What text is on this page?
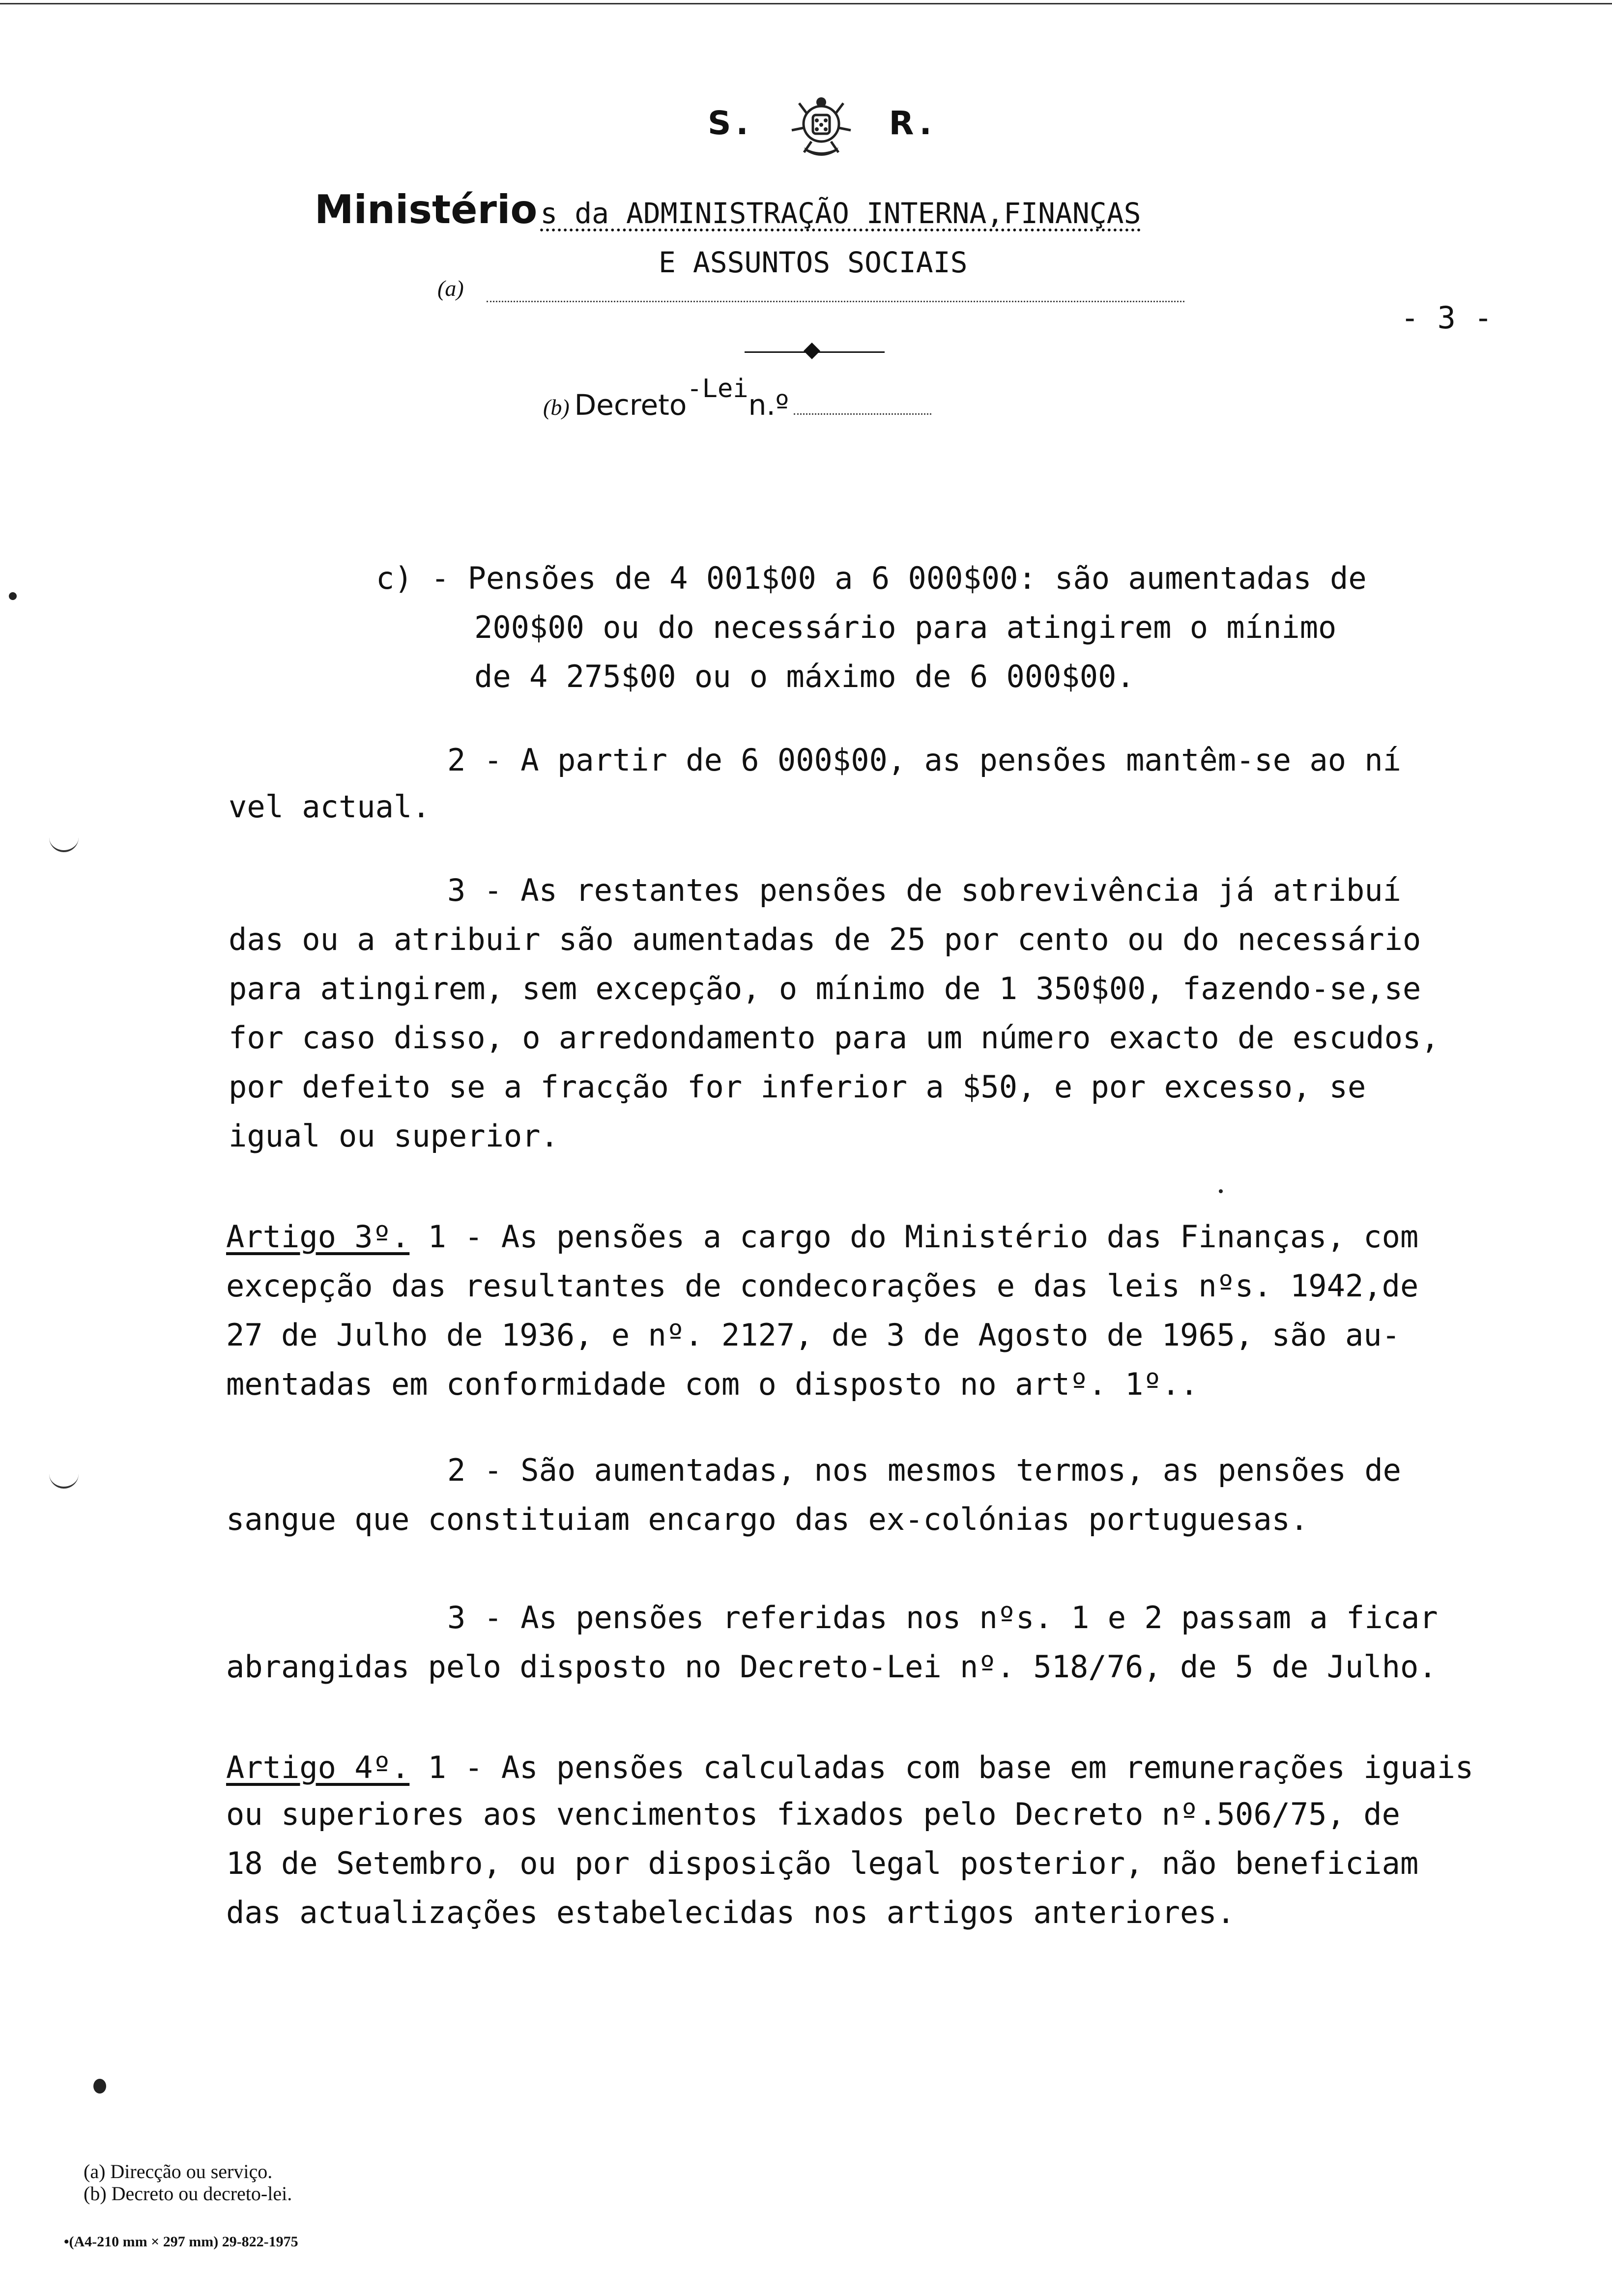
S.	R.
Ministério s da ADMINISTRAÇÃO INTERNA,FINANÇAS
E ASSUNTOS SOCIAIS
(a)
- 3 -
(b) Decreto-Lein.º
c) - Pensões de 4 001$00 a 6 000$00: são aumentadas de
200$00 ou do necessário para atingirem o mínimo
de 4 275$00 ou o máximo de 6 000$00.
2 - A partir de 6 000$00, as pensões mantêm-se ao ní
vel actual.
3 - As restantes pensões de sobrevivência já atribuí
das ou a atribuir são aumentadas de 25 por cento ou do necessário
para atingirem, sem excepção, o mínimo de 1 350$00, fazendo-se,se
for caso disso, o arredondamento para um número exacto de escudos,
por defeito se a fracção for inferior a $50, e por excesso, se
igual ou superior.
Artigo 3º. 1 - As pensões a cargo do Ministério das Finanças, com
excepção das resultantes de condecorações e das leis nºs. 1942,de
27 de Julho de 1936, e nº. 2127, de 3 de Agosto de 1965, são au-
mentadas em conformidade com o disposto no artº. 1º..
2 - São aumentadas, nos mesmos termos, as pensões de
sangue que constituiam encargo das ex-colónias portuguesas.
3 - As pensões referidas nos nºs. 1 e 2 passam a ficar
abrangidas pelo disposto no Decreto-Lei nº. 518/76, de 5 de Julho.
Artigo 4º. 1 - As pensões calculadas com base em remunerações iguais
ou superiores aos vencimentos fixados pelo Decreto nº.506/75, de
18 de Setembro, ou por disposição legal posterior, não beneficiam
das actualizações estabelecidas nos artigos anteriores.
(a) Direcção ou serviço.
(b) Decreto ou decreto-lei.
•(A4-210 mm × 297 mm) 29-822-1975
